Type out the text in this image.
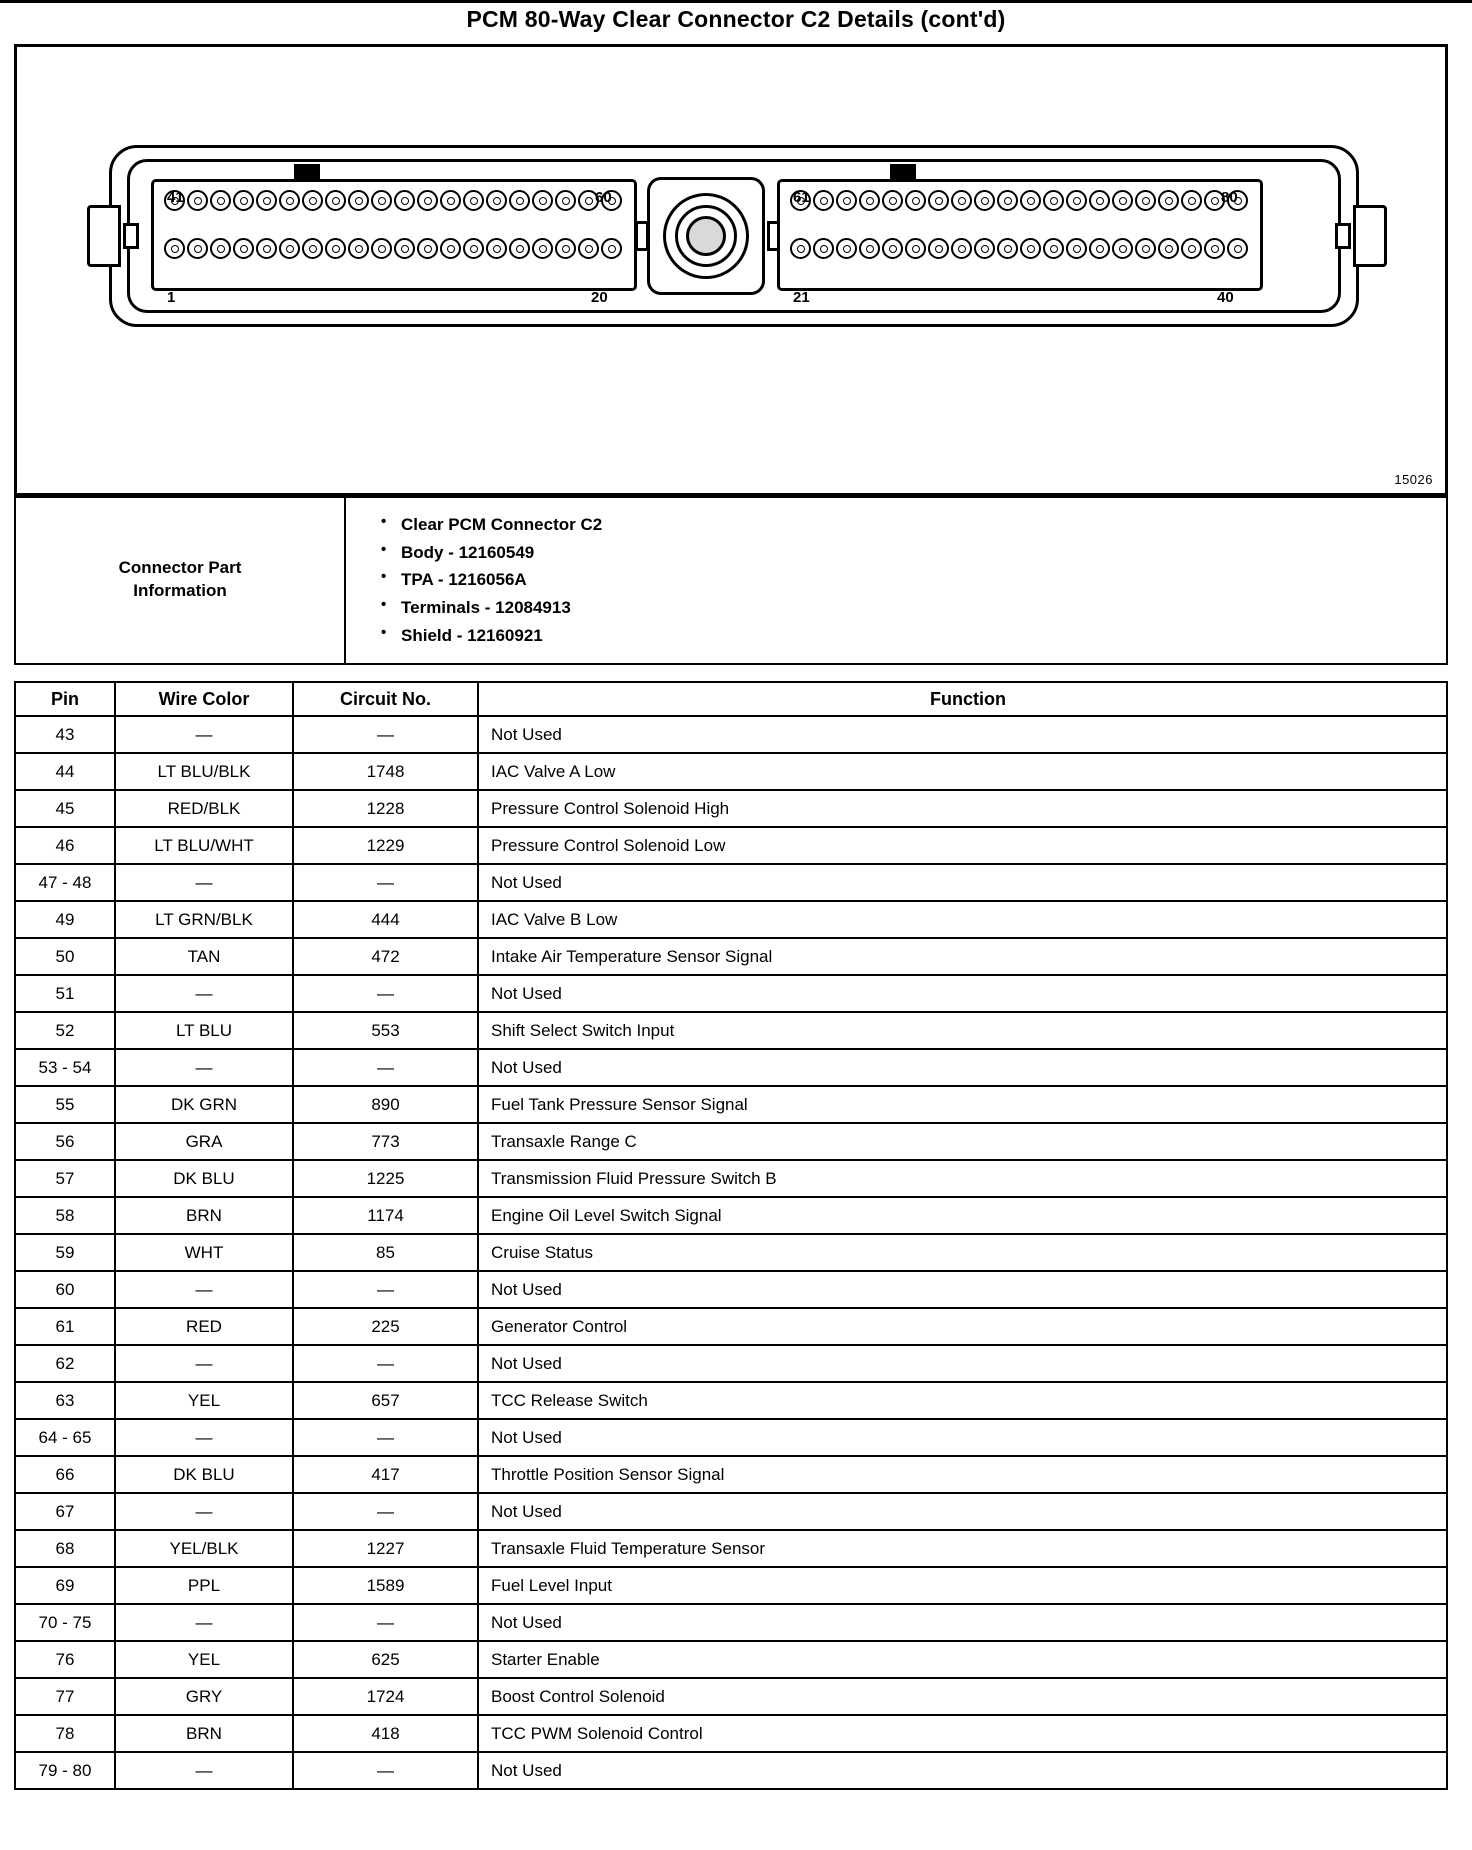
PCM 80-Way Clear Connector C2 Details (cont'd)
41	60
1	20
61	80
21	40
15026
Connector Part
Information

• Clear PCM Connector C2
• Body - 12160549
• TPA - 1216056A
• Terminals - 12084913
• Shield - 12160921
Pin	Wire Color	Circuit No.	Function
43	—	—	Not Used
44	LT BLU/BLK	1748	IAC Valve A Low
45	RED/BLK	1228	Pressure Control Solenoid High
46	LT BLU/WHT	1229	Pressure Control Solenoid Low
47 - 48	—	—	Not Used
49	LT GRN/BLK	444	IAC Valve B Low
50	TAN	472	Intake Air Temperature Sensor Signal
51	—	—	Not Used
52	LT BLU	553	Shift Select Switch Input
53 - 54	—	—	Not Used
55	DK GRN	890	Fuel Tank Pressure Sensor Signal
56	GRA	773	Transaxle Range C
57	DK BLU	1225	Transmission Fluid Pressure Switch B
58	BRN	1174	Engine Oil Level Switch Signal
59	WHT	85	Cruise Status
60	—	—	Not Used
61	RED	225	Generator Control
62	—	—	Not Used
63	YEL	657	TCC Release Switch
64 - 65	—	—	Not Used
66	DK BLU	417	Throttle Position Sensor Signal
67	—	—	Not Used
68	YEL/BLK	1227	Transaxle Fluid Temperature Sensor
69	PPL	1589	Fuel Level Input
70 - 75	—	—	Not Used
76	YEL	625	Starter Enable
77	GRY	1724	Boost Control Solenoid
78	BRN	418	TCC PWM Solenoid Control
79 - 80	—	—	Not Used
